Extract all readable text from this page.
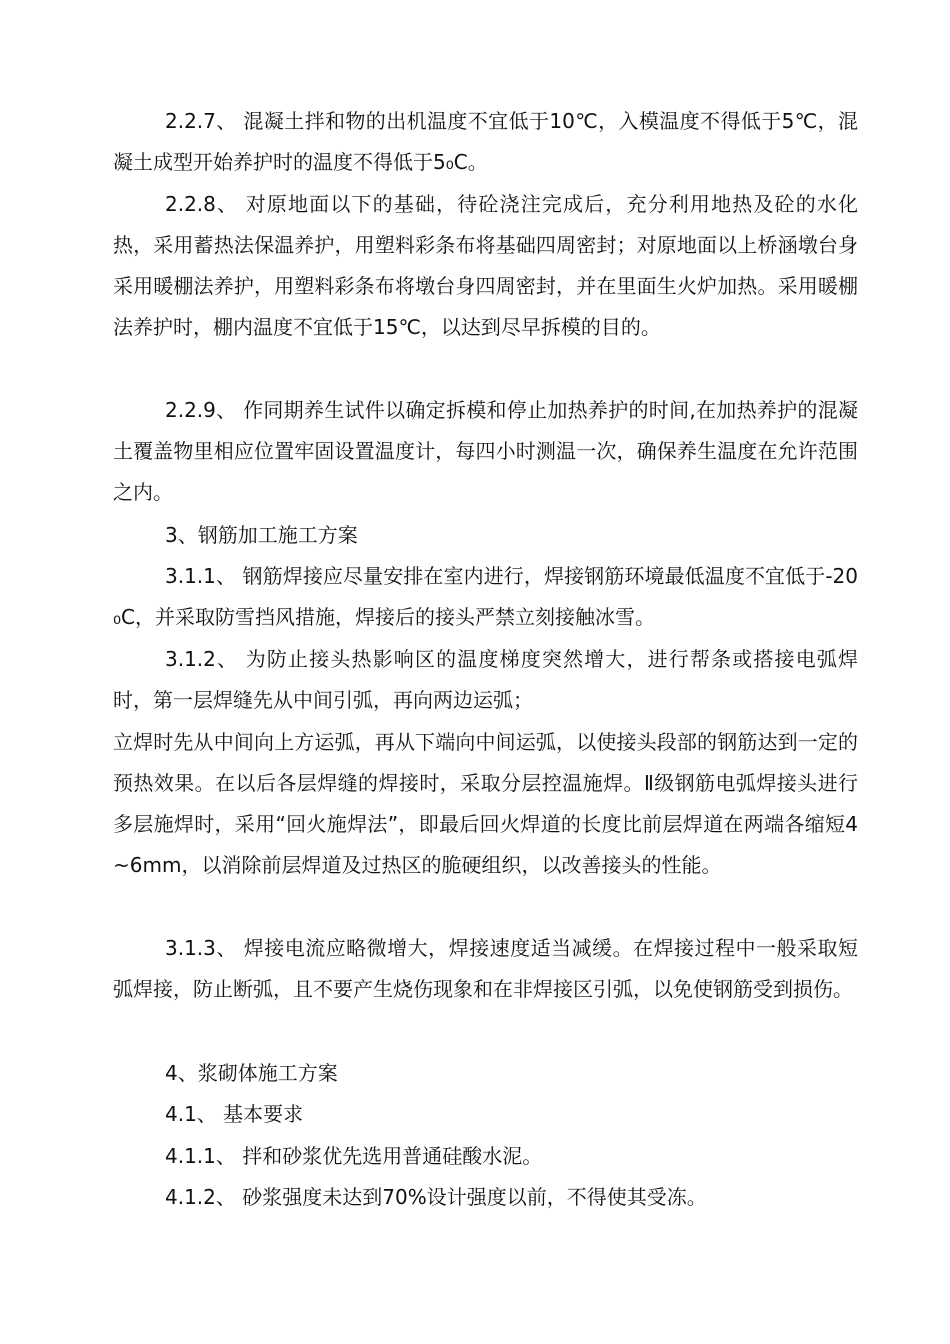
2.2.7、 混凝土拌和物的出机温度不宜低于10℃，入模温度不得低于5℃，混凝土成型开始养护时的温度不得低于5₀C。

2.2.8、 对原地面以下的基础，待砼浇注完成后，充分利用地热及砼的水化热，采用蓄热法保温养护，用塑料彩条布将基础四周密封；对原地面以上桥涵墩台身采用暖棚法养护，用塑料彩条布将墩台身四周密封，并在里面生火炉加热。采用暖棚法养护时，棚内温度不宜低于15℃，以达到尽早拆模的目的。

2.2.9、 作同期养生试件以确定拆模和停止加热养护的时间,在加热养护的混凝土覆盖物里相应位置牢固设置温度计，每四小时测温一次，确保养生温度在允许范围之内。

3、钢筋加工施工方案

3.1.1、 钢筋焊接应尽量安排在室内进行，焊接钢筋环境最低温度不宜低于-20₀C，并采取防雪挡风措施，焊接后的接头严禁立刻接触冰雪。

3.1.2、 为防止接头热影响区的温度梯度突然增大，进行帮条或搭接电弧焊时，第一层焊缝先从中间引弧，再向两边运弧；

立焊时先从中间向上方运弧，再从下端向中间运弧，以使接头段部的钢筋达到一定的预热效果。在以后各层焊缝的焊接时，采取分层控温施焊。Ⅱ级钢筋电弧焊接头进行多层施焊时，采用“回火施焊法”，即最后回火焊道的长度比前层焊道在两端各缩短4~6mm，以消除前层焊道及过热区的脆硬组织，以改善接头的性能。

3.1.3、 焊接电流应略微增大，焊接速度适当减缓。在焊接过程中一般采取短弧焊接，防止断弧，且不要产生烧伤现象和在非焊接区引弧，以免使钢筋受到损伤。

4、浆砌体施工方案

4.1、 基本要求

4.1.1、 拌和砂浆优先选用普通硅酸水泥。

4.1.2、 砂浆强度未达到70%设计强度以前，不得使其受冻。
